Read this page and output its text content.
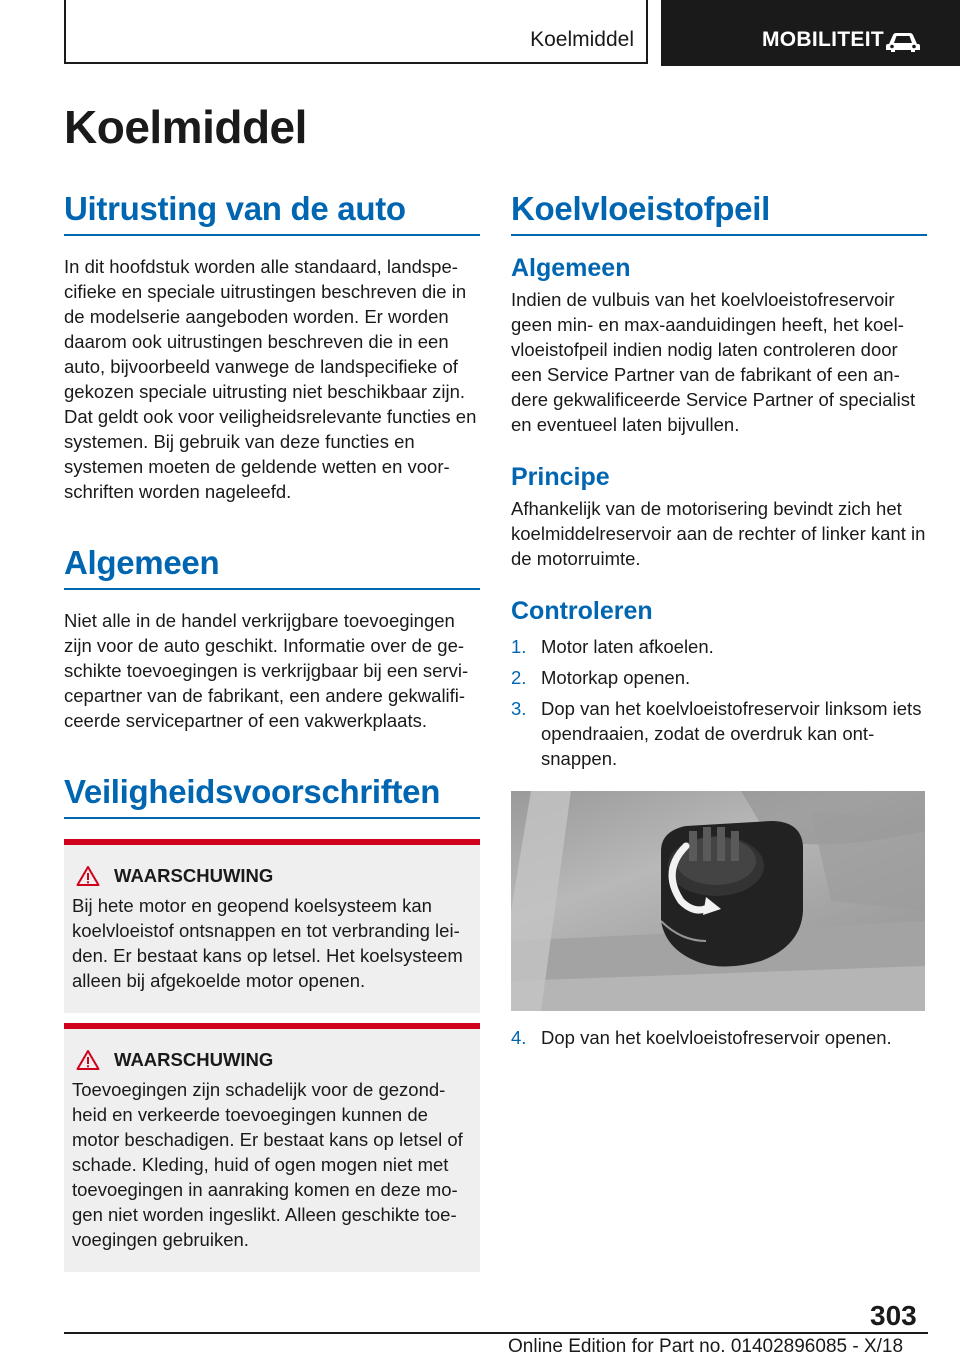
Koelmiddel	MOBILITEIT
Koelmiddel
Uitrusting van de auto

In dit hoofdstuk worden alle standaard, landspecifieke en speciale uitrustingen beschreven die in de modelserie aangeboden worden. Er worden daarom ook uitrustingen beschreven die in een auto, bijvoorbeeld vanwege de landspecifieke of gekozen speciale uitrusting niet beschikbaar zijn. Dat geldt ook voor veiligheidsrelevante functies en systemen. Bij gebruik van deze functies en systemen moeten de geldende wetten en voorschriften worden nageleefd.

Algemeen

Niet alle in de handel verkrijgbare toevoegingen zijn voor de auto geschikt. Informatie over de geschikte toevoegingen is verkrijgbaar bij een servicepartner van de fabrikant, een andere gekwalificeerde servicepartner of een vakwerkplaats.

Veiligheidsvoorschriften
WAARSCHUWING

Bij hete motor en geopend koelsysteem kan koelvloeistof ontsnappen en tot verbranding leiden. Er bestaat kans op letsel. Het koelsysteem alleen bij afgekoelde motor openen.

WAARSCHUWING

Toevoegingen zijn schadelijk voor de gezondheid en verkeerde toevoegingen kunnen de motor beschadigen. Er bestaat kans op letsel of schade. Kleding, huid of ogen mogen niet met toevoegingen in aanraking komen en deze mogen niet worden ingeslikt. Alleen geschikte toevoegingen gebruiken.

Koelvloeistofpeil
Algemeen

Indien de vulbuis van het koelvloeistofreservoir geen min- en max-aanduidingen heeft, het koelvloeistofpeil indien nodig laten controleren door een Service Partner van de fabrikant of een andere gekwalificeerde Service Partner of specialist en eventueel laten bijvullen.

Principe

Afhankelijk van de motorisering bevindt zich het koelmiddelreservoir aan de rechter of linker kant in de motorruimte.

Controleren
1. Motor laten afkoelen.
2. Motorkap openen.
3. Dop van het koelvloeistofreservoir linksom iets opendraaien, zodat de overdruk kan ontsnappen.
4. Dop van het koelvloeistofreservoir openen.
303
Online Edition for Part no. 01402896085 - X/18
